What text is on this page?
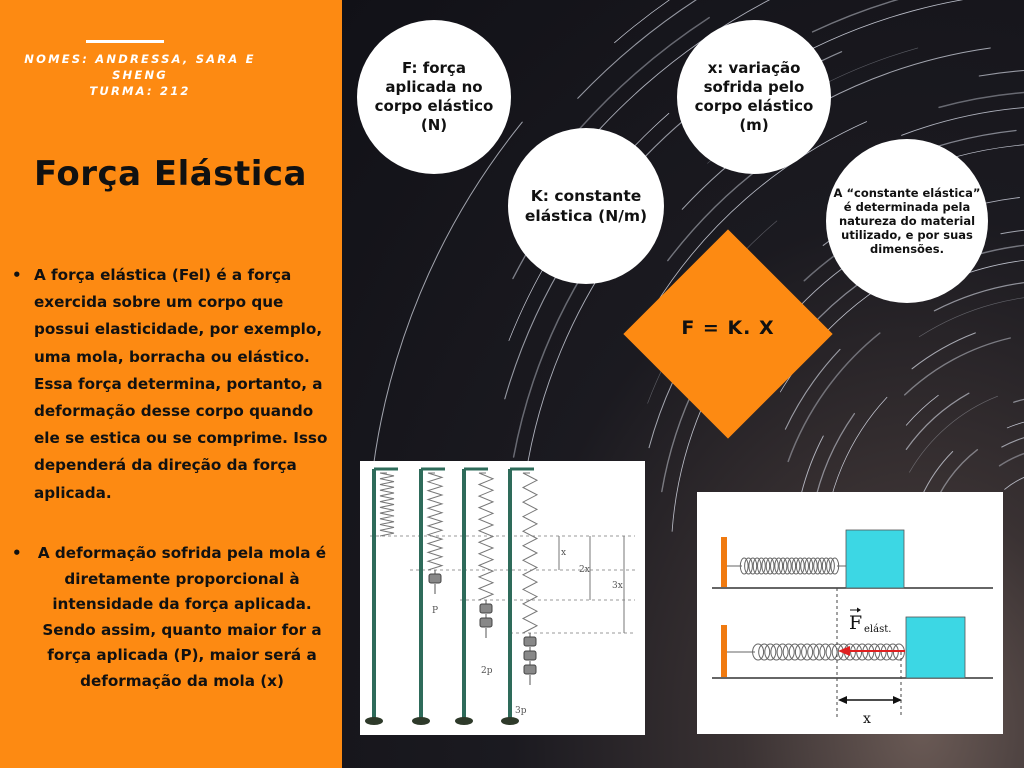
NOMES: ANDRESSA, SARA E SHENG
TURMA: 212
Força Elástica
• A força elástica (Fel) é a força exercida sobre um corpo que possui elasticidade, por exemplo, uma mola, borracha ou elástico. Essa força determina, portanto, a deformação desse corpo quando ele se estica ou se comprime. Isso dependerá da direção da força aplicada.
•	A deformação sofrida pela mola é diretamente proporcional à intensidade da força aplicada. Sendo assim, quanto maior for a força aplicada (P), maior será a deformação da mola (x)
F: força aplicada no corpo elástico (N)
x: variação sofrida pelo corpo elástico (m)
K: constante elástica (N/m)
A “constante elástica” é determinada pela natureza do material utilizado, e por suas dimensões.
F = K. X
x
2x
3x
P
2p
3p
F elást.
x
